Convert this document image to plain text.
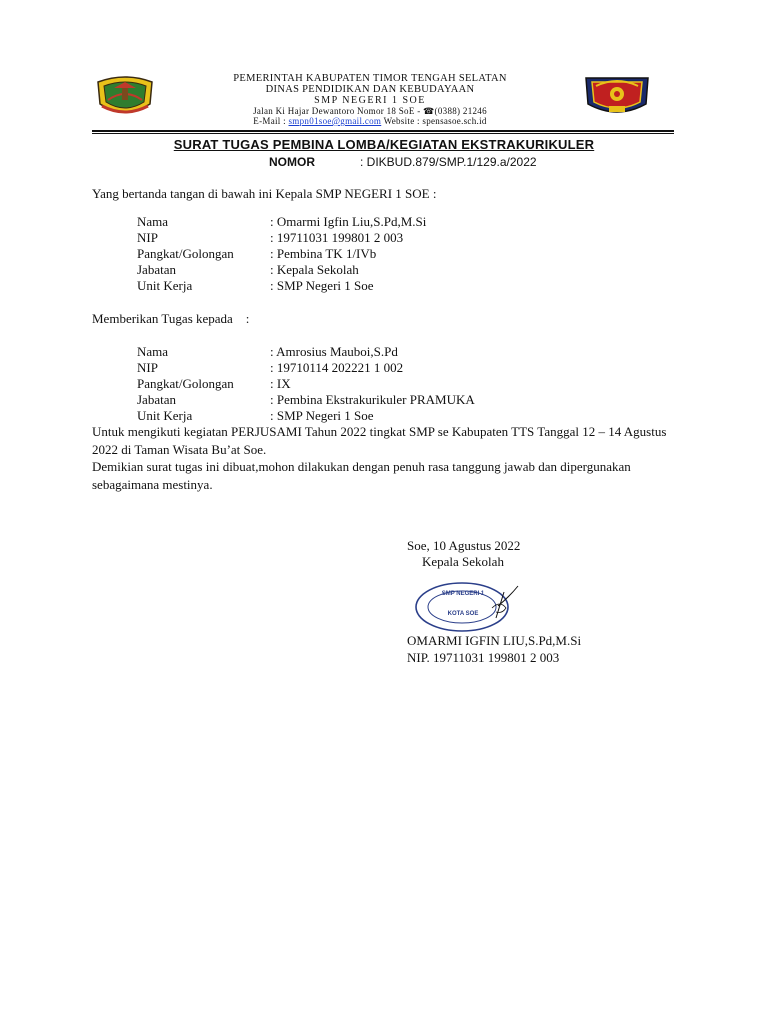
PEMERINTAH KABUPATEN TIMOR TENGAH SELATAN
DINAS PENDIDIKAN DAN KEBUDAYAAN
SMP NEGERI 1 SOE
Jalan Ki Hajar Dewantoro Nomor 18 SoE - ☎(0388) 21246
E-Mail : smpn01soe@gmail.com Website : spensasoe.sch.id
SURAT TUGAS PEMBINA LOMBA/KEGIATAN EKSTRAKURIKULER
NOMOR	: DIKBUD.879/SMP.1/129.a/2022
Yang bertanda tangan di bawah ini Kepala SMP NEGERI 1 SOE :
Nama	: Omarmi Igfin Liu,S.Pd,M.Si
NIP	: 19711031 199801 2 003
Pangkat/Golongan	: Pembina TK 1/IVb
Jabatan	: Kepala Sekolah
Unit Kerja	: SMP Negeri 1 Soe
Memberikan Tugas kepada    :
Nama	: Amrosius Mauboi,S.Pd
NIP	: 19710114 202221 1 002
Pangkat/Golongan	: IX
Jabatan	: Pembina Ekstrakurikuler PRAMUKA
Unit Kerja	: SMP Negeri 1 Soe
Untuk mengikuti kegiatan PERJUSAMI Tahun 2022 tingkat SMP se Kabupaten TTS Tanggal 12 – 14 Agustus 2022 di Taman Wisata Bu’at Soe.
Demikian surat tugas ini dibuat,mohon dilakukan dengan penuh rasa tanggung jawab dan dipergunakan sebagaimana mestinya.
Soe, 10 Agustus 2022
Kepala Sekolah
SMP NEGERI 1
KOTA SOE
OMARMI IGFIN LIU,S.Pd,M.Si
NIP. 19711031 199801 2 003
